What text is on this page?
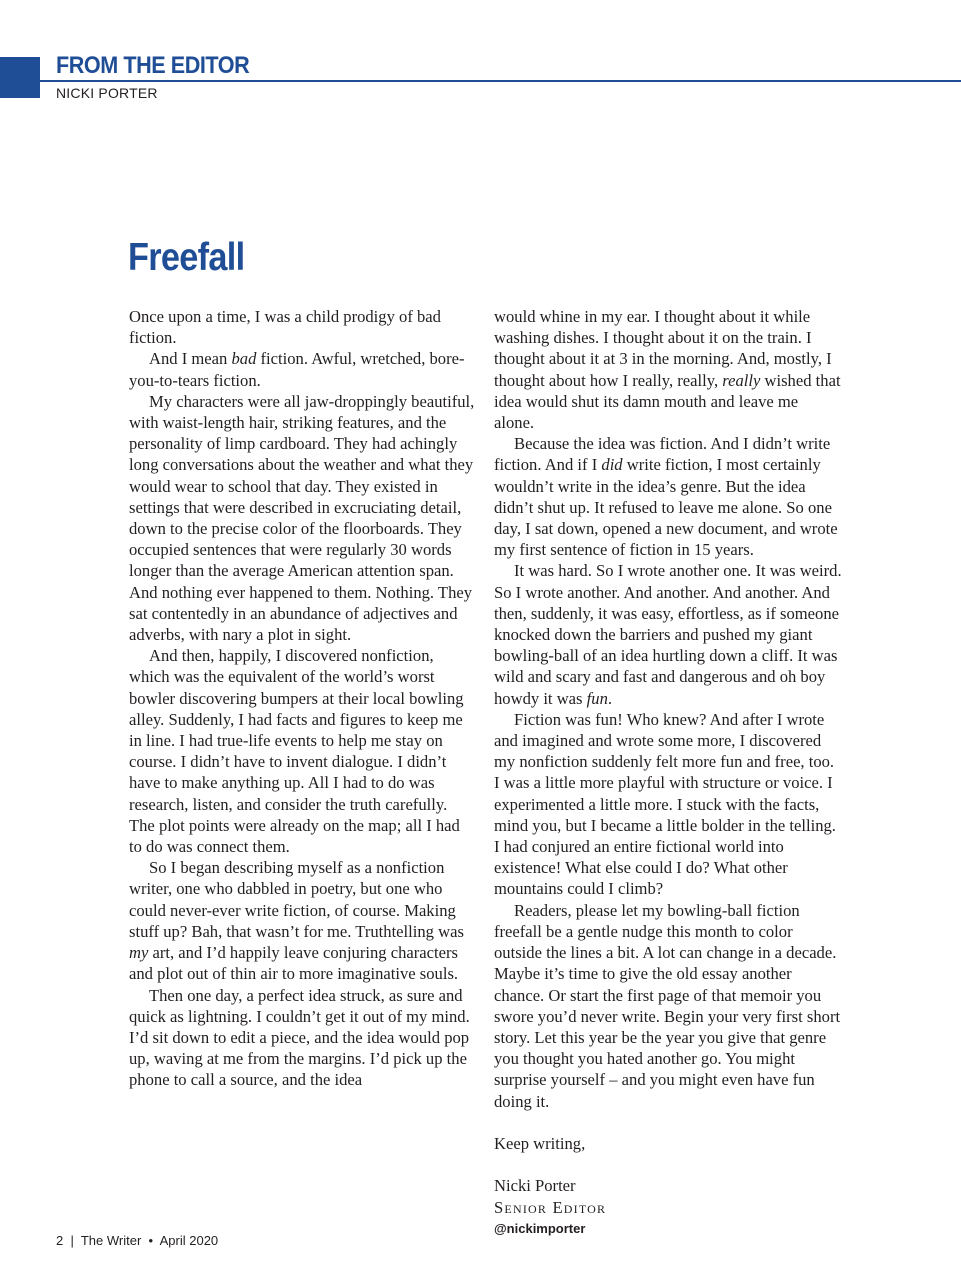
FROM THE EDITOR
NICKI PORTER
Freefall

Once upon a time, I was a child prodigy of bad fiction.

And I mean bad fiction. Awful, wretched, bore-you-to-tears fiction.

My characters were all jaw-droppingly beautiful, with waist-length hair, striking features, and the personality of limp cardboard. They had achingly long conversations about the weather and what they would wear to school that day. They existed in settings that were described in excruciating detail, down to the precise color of the floorboards. They occupied sentences that were regularly 30 words longer than the average American attention span. And nothing ever happened to them. Nothing. They sat contentedly in an abundance of adjectives and adverbs, with nary a plot in sight.

And then, happily, I discovered nonfiction, which was the equivalent of the world’s worst bowler discovering bumpers at their local bowling alley. Suddenly, I had facts and figures to keep me in line. I had true-life events to help me stay on course. I didn’t have to invent dialogue. I didn’t have to make anything up. All I had to do was research, listen, and consider the truth carefully. The plot points were already on the map; all I had to do was connect them.

So I began describing myself as a nonfiction writer, one who dabbled in poetry, but one who could never-ever write fiction, of course. Making stuff up? Bah, that wasn’t for me. Truthtelling was my art, and I’d happily leave conjuring characters and plot out of thin air to more imaginative souls.

Then one day, a perfect idea struck, as sure and quick as lightning. I couldn’t get it out of my mind. I’d sit down to edit a piece, and the idea would pop up, waving at me from the margins. I’d pick up the phone to call a source, and the idea

would whine in my ear. I thought about it while washing dishes. I thought about it on the train. I thought about it at 3 in the morning. And, mostly, I thought about how I really, really, really wished that idea would shut its damn mouth and leave me alone.

Because the idea was fiction. And I didn’t write fiction. And if I did write fiction, I most certainly wouldn’t write in the idea’s genre. But the idea didn’t shut up. It refused to leave me alone. So one day, I sat down, opened a new document, and wrote my first sentence of fiction in 15 years.

It was hard. So I wrote another one. It was weird. So I wrote another. And another. And another. And then, suddenly, it was easy, effortless, as if someone knocked down the barriers and pushed my giant bowling-ball of an idea hurtling down a cliff. It was wild and scary and fast and dangerous and oh boy howdy it was fun.

Fiction was fun! Who knew? And after I wrote and imagined and wrote some more, I discovered my nonfiction suddenly felt more fun and free, too. I was a little more playful with structure or voice. I experimented a little more. I stuck with the facts, mind you, but I became a little bolder in the telling. I had conjured an entire fictional world into existence! What else could I do? What other mountains could I climb?

Readers, please let my bowling-ball fiction freefall be a gentle nudge this month to color outside the lines a bit. A lot can change in a decade. Maybe it’s time to give the old essay another chance. Or start the first page of that memoir you swore you’d never write. Begin your very first short story. Let this year be the year you give that genre you thought you hated another go. You might surprise yourself – and you might even have fun doing it.

Keep writing,

Nicki Porter

Senior Editor

@nickimporter

2 | The Writer • April 2020
